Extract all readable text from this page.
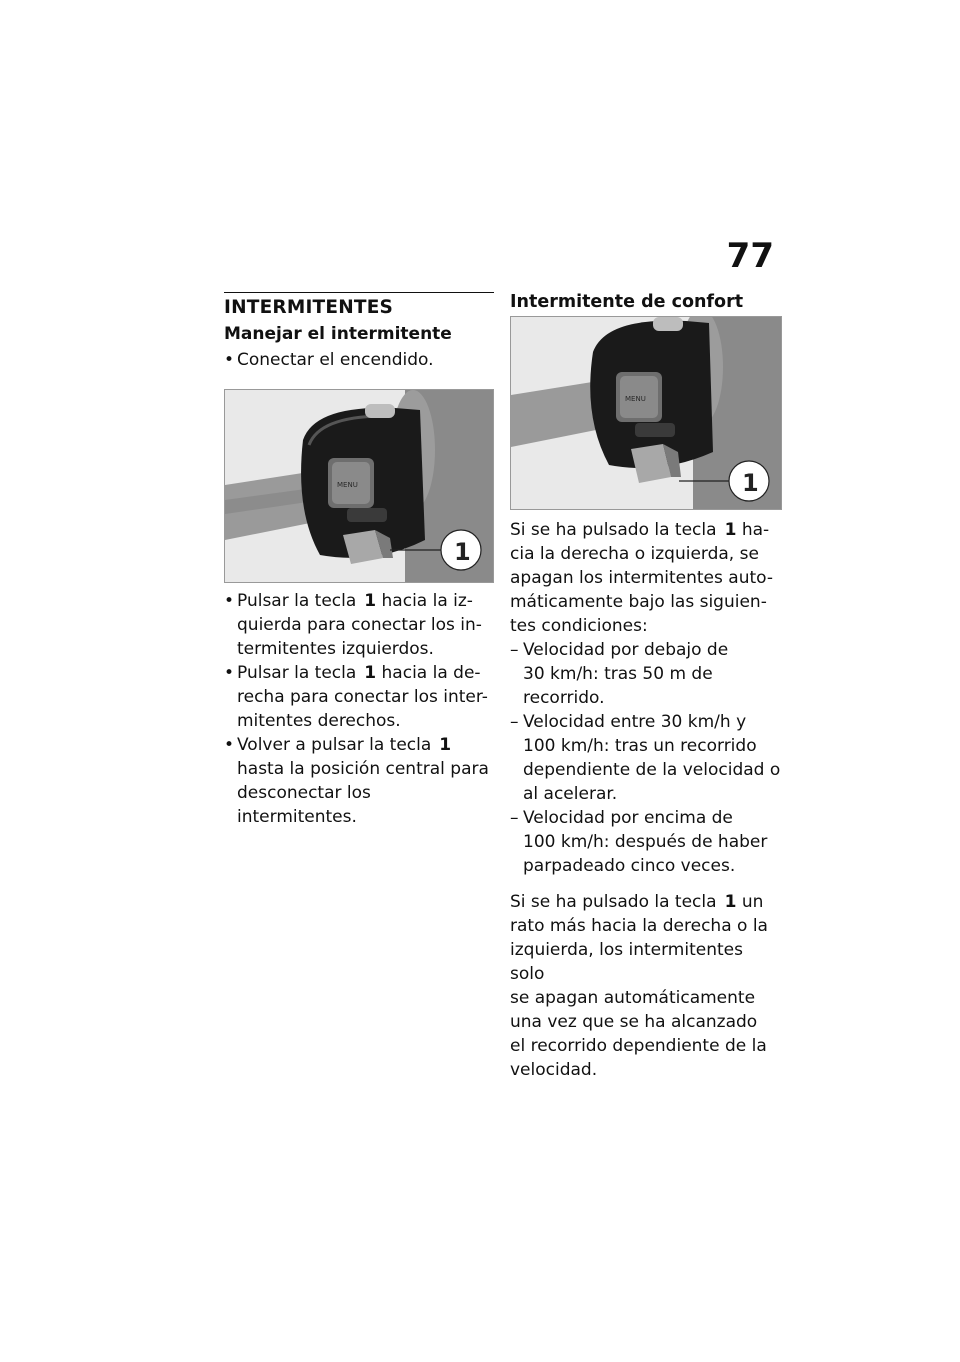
77
INTERMITENTES
Manejar el intermitente
• Conectar el encendido.
MENU
1
• Pulsar la tecla 1 hacia la iz-
quierda para conectar los in-
termitentes izquierdos.
• Pulsar la tecla 1 hacia la de-
recha para conectar los inter-
mitentes derechos.
• Volver a pulsar la tecla 1
hasta la posición central para
desconectar los intermitentes.
Intermitente de confort
MENU
1
Si se ha pulsado la tecla 1 ha-
cia la derecha o izquierda, se
apagan los intermitentes auto-
máticamente bajo las siguien-
tes condiciones:
– Velocidad por debajo de
30 km/h: tras 50 m de
recorrido.
– Velocidad entre 30 km/h y
100 km/h: tras un recorrido
dependiente de la velocidad o
al acelerar.
– Velocidad por encima de
100 km/h: después de haber
parpadeado cinco veces.
Si se ha pulsado la tecla 1 un
rato más hacia la derecha o la
izquierda, los intermitentes solo
se apagan automáticamente
una vez que se ha alcanzado
el recorrido dependiente de la
velocidad.
